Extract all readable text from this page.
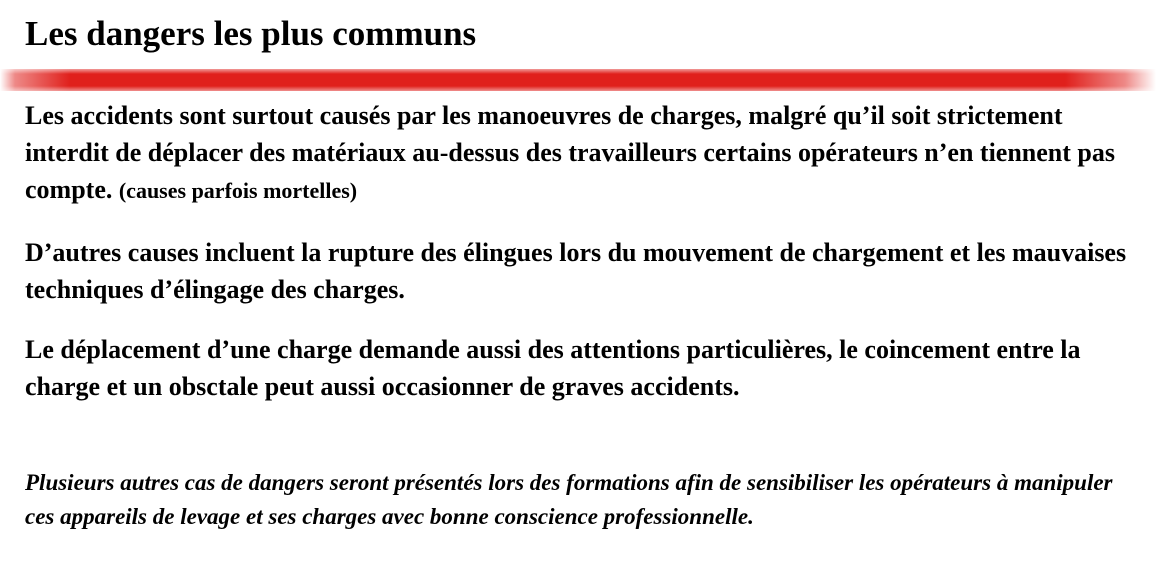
Les dangers les plus communs

Les accidents sont surtout causés par les manoeuvres de charges, malgré qu’il soit strictement interdit de déplacer des matériaux au-dessus des travailleurs certains opérateurs n’en tiennent pas compte. (causes parfois mortelles)

D’autres causes incluent la rupture des élingues lors du mouvement de chargement et les mauvaises techniques d’élingage des charges.

Le déplacement d’une charge demande aussi des attentions particulières, le coincement entre la charge et un obsctale peut aussi occasionner de graves accidents.

Plusieurs autres cas de dangers seront présentés lors des formations afin de sensibiliser les opérateurs à manipuler ces appareils de levage et ses charges avec bonne conscience professionnelle.
